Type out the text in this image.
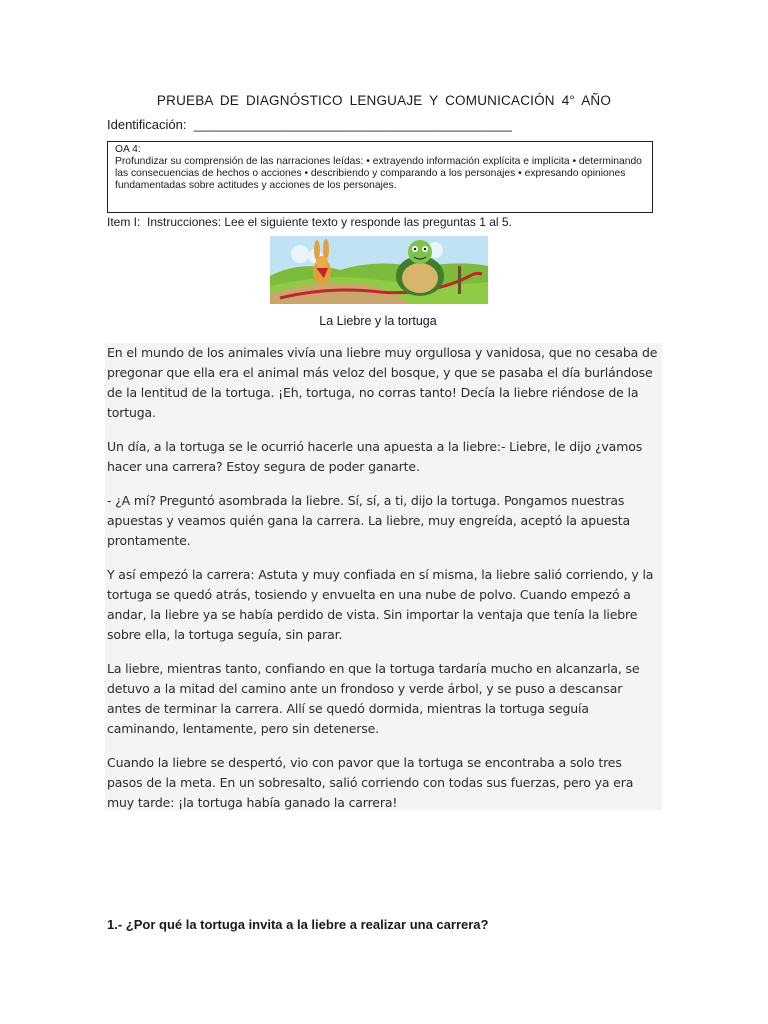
PRUEBA DE DIAGNÓSTICO LENGUAJE Y COMUNICACIÓN 4° AÑO
Identificación:  ____________________________________________

OA 4:

Profundizar su comprensión de las narraciones leídas: • extrayendo información explícita e implícita • determinando las consecuencias de hechos o acciones • describiendo y comparando a los personajes • expresando opiniones fundamentadas sobre actitudes y acciones de los personajes.

Item I:  Instrucciones: Lee el siguiente texto y responde las preguntas 1 al 5.
La Liebre y la tortuga

En el mundo de los animales vivía una liebre muy orgullosa y vanidosa, que no cesaba de pregonar que ella era el animal más veloz del bosque, y que se pasaba el día burlándose de la lentitud de la tortuga. ¡Eh, tortuga, no corras tanto! Decía la liebre riéndose de la tortuga.

Un día, a la tortuga se le ocurrió hacerle una apuesta a la liebre:- Liebre, le dijo ¿vamos hacer una carrera? Estoy segura de poder ganarte.

- ¿A mí? Preguntó asombrada la liebre. Sí, sí, a ti, dijo la tortuga. Pongamos nuestras apuestas y veamos quién gana la carrera. La liebre, muy engreída, aceptó la apuesta prontamente.

Y así empezó la carrera: Astuta y muy confiada en sí misma, la liebre salió corriendo, y la tortuga se quedó atrás, tosiendo y envuelta en una nube de polvo. Cuando empezó a andar, la liebre ya se había perdido de vista. Sin importar la ventaja que tenía la liebre sobre ella, la tortuga seguía, sin parar.

La liebre, mientras tanto, confiando en que la tortuga tardaría mucho en alcanzarla, se detuvo a la mitad del camino ante un frondoso y verde árbol, y se puso a descansar antes de terminar la carrera. Allí se quedó dormida, mientras la tortuga seguía caminando, lentamente, pero sin detenerse.

Cuando la liebre se despertó, vio con pavor que la tortuga se encontraba a solo tres pasos de la meta. En un sobresalto, salió corriendo con todas sus fuerzas, pero ya era muy tarde: ¡la tortuga había ganado la carrera!

1.- ¿Por qué la tortuga invita a la liebre a realizar una carrera?
